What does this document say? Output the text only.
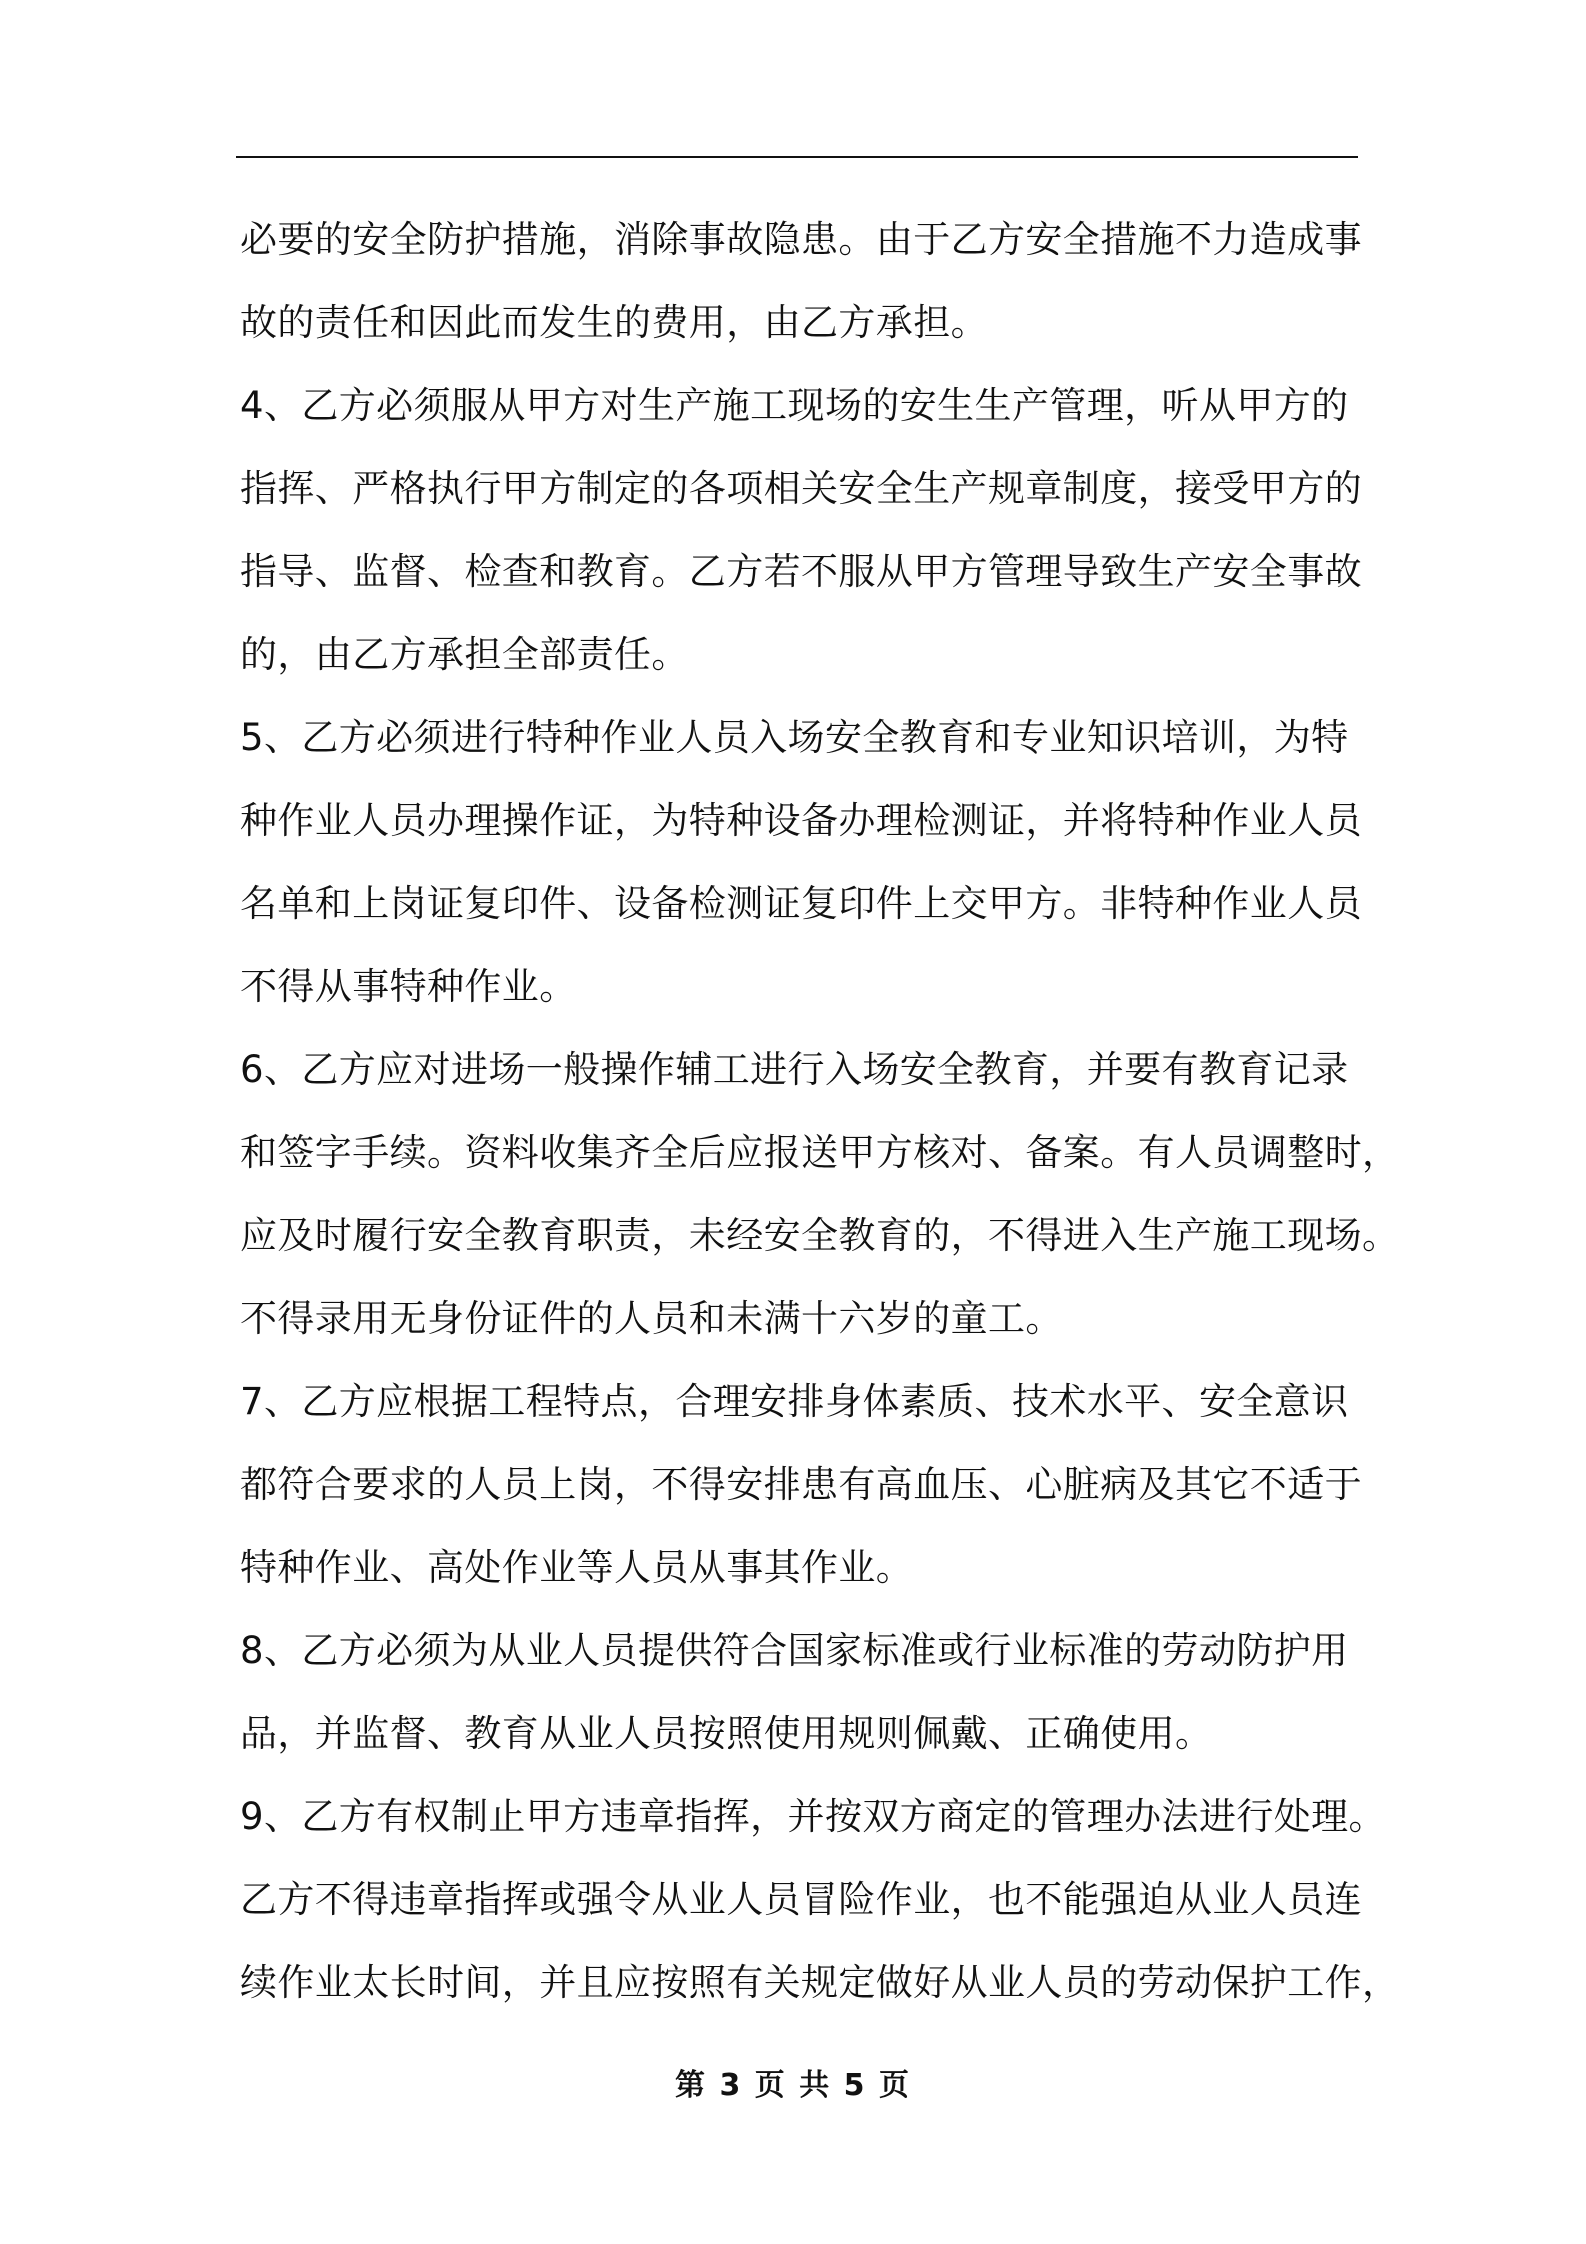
必要的安全防护措施，消除事故隐患。由于乙方安全措施不力造成事
故的责任和因此而发生的费用，由乙方承担。
4、乙方必须服从甲方对生产施工现场的安生生产管理，听从甲方的
指挥、严格执行甲方制定的各项相关安全生产规章制度，接受甲方的
指导、监督、检查和教育。乙方若不服从甲方管理导致生产安全事故
的，由乙方承担全部责任。
5、乙方必须进行特种作业人员入场安全教育和专业知识培训，为特
种作业人员办理操作证，为特种设备办理检测证，并将特种作业人员
名单和上岗证复印件、设备检测证复印件上交甲方。非特种作业人员
不得从事特种作业。
6、乙方应对进场一般操作辅工进行入场安全教育，并要有教育记录
和签字手续。资料收集齐全后应报送甲方核对、备案。有人员调整时，
应及时履行安全教育职责，未经安全教育的，不得进入生产施工现场。
不得录用无身份证件的人员和未满十六岁的童工。
7、乙方应根据工程特点，合理安排身体素质、技术水平、安全意识
都符合要求的人员上岗，不得安排患有高血压、心脏病及其它不适于
特种作业、高处作业等人员从事其作业。
8、乙方必须为从业人员提供符合国家标准或行业标准的劳动防护用
品，并监督、教育从业人员按照使用规则佩戴、正确使用。
9、乙方有权制止甲方违章指挥，并按双方商定的管理办法进行处理。
乙方不得违章指挥或强令从业人员冒险作业，也不能强迫从业人员连
续作业太长时间，并且应按照有关规定做好从业人员的劳动保护工作，
第 3 页 共 5 页
